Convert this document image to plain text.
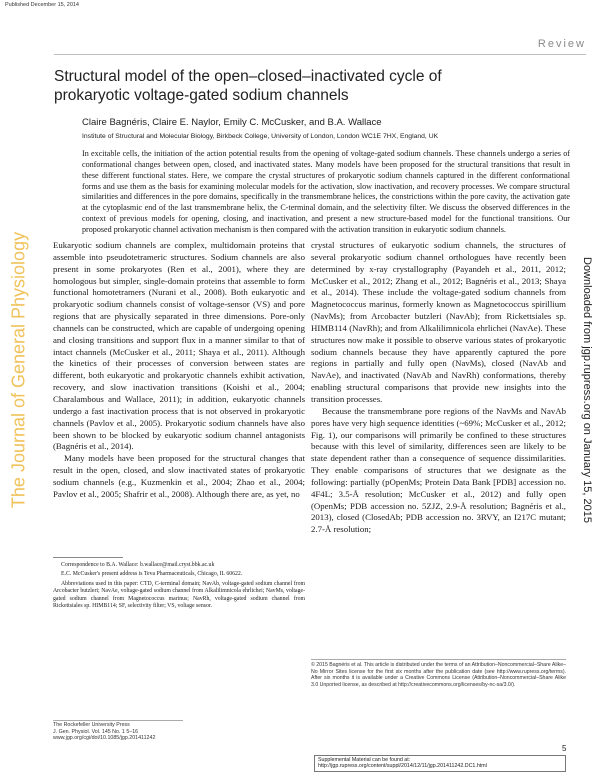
Published December 15, 2014
Review
Structural model of the open–closed–inactivated cycle of prokaryotic voltage-gated sodium channels
Claire Bagnéris, Claire E. Naylor, Emily C. McCusker, and B.A. Wallace
Institute of Structural and Molecular Biology, Birkbeck College, University of London, London WC1E 7HX, England, UK
In excitable cells, the initiation of the action potential results from the opening of voltage-gated sodium channels. These channels undergo a series of conformational changes between open, closed, and inactivated states. Many models have been proposed for the structural transitions that result in these different functional states. Here, we compare the crystal structures of prokaryotic sodium channels captured in the different conformational forms and use them as the basis for examining molecular models for the activation, slow inactivation, and recovery processes. We compare structural similarities and differences in the pore domains, specifically in the transmembrane helices, the constrictions within the pore cavity, the activation gate at the cytoplasmic end of the last transmembrane helix, the C-terminal domain, and the selectivity filter. We discuss the observed differences in the context of previous models for opening, closing, and inactivation, and present a new structure-based model for the functional transitions. Our proposed prokaryotic channel activation mechanism is then compared with the activation transition in eukaryotic sodium channels.
The Journal of General Physiology	Downloaded from jgp.rupress.org on January 15, 2015

Eukaryotic sodium channels are complex, multidomain proteins that assemble into pseudotetrameric structures. Sodium channels are also present in some prokaryotes (Ren et al., 2001), where they are homologous but simpler, single-domain proteins that assemble to form functional homotetramers (Nurani et al., 2008). Both eukaryotic and prokaryotic sodium channels consist of voltage-sensor (VS) and pore regions that are physically separated in three dimensions. Pore-only channels can be constructed, which are capable of undergoing opening and closing transitions and support flux in a manner similar to that of intact channels (McCusker et al., 2011; Shaya et al., 2011). Although the kinetics of their processes of conversion between states are different, both eukaryotic and prokaryotic channels exhibit activation, recovery, and slow inactivation transitions (Koishi et al., 2004; Charalambous and Wallace, 2011); in addition, eukaryotic channels undergo a fast inactivation process that is not observed in prokaryotic channels (Pavlov et al., 2005). Prokaryotic sodium channels have also been shown to be blocked by eukaryotic sodium channel antagonists (Bagnéris et al., 2014).

Many models have been proposed for the structural changes that result in the open, closed, and slow inactivated states of prokaryotic sodium channels (e.g., Kuzmenkin et al., 2004; Zhao et al., 2004; Pavlov et al., 2005; Shafrir et al., 2008). Although there are, as yet, no

crystal structures of eukaryotic sodium channels, the structures of several prokaryotic sodium channel orthologues have recently been determined by x-ray crystallography (Payandeh et al., 2011, 2012; McCusker et al., 2012; Zhang et al., 2012; Bagnéris et al., 2013; Shaya et al., 2014). These include the voltage-gated sodium channels from Magnetococcus marinus, formerly known as Magnetococcus spirillium (NavMs); from Arcobacter butzleri (NavAb); from Rickettsiales sp. HIMB114 (NavRh); and from Alkalilimnicola ehrlichei (NavAe). These structures now make it possible to observe various states of prokaryotic sodium channels because they have apparently captured the pore regions in partially and fully open (NavMs), closed (NavAb and NavAe), and inactivated (NavAb and NavRh) conformations, thereby enabling structural comparisons that provide new insights into the transition processes.

Because the transmembrane pore regions of the NavMs and NavAb pores have very high sequence identities (~69%; McCusker et al., 2012; Fig. 1), our comparisons will primarily be confined to these structures because with this level of similarity, differences seen are likely to be state dependent rather than a consequence of sequence dissimilarities. They enable comparisons of structures that we designate as the following: partially (pOpenMs; Protein Data Bank [PDB] accession no. 4F4L; 3.5-Å resolution; McCusker et al., 2012) and fully open (OpenMs; PDB accession no. 5ZJZ, 2.9-Å resolution; Bagnéris et al., 2013), closed (ClosedAb; PDB accession no. 3RVY, an I217C mutant; 2.7-Å resolution;

Correspondence to B.A. Wallace: b.wallace@mail.cryst.bbk.ac.uk

E.C. McCusker's present address is Teva Pharmaceuticals, Chicago, IL 60622.

Abbreviations used in this paper: CTD, C-terminal domain; NavAb, voltage-gated sodium channel from Arcobacter butzleri; NavAe, voltage-gated sodium channel from Alkalilimnicola ehrlichei; NavMs, voltage-gated sodium channel from Magnetococcus marinus; NavRh, voltage-gated sodium channel from Rickettsiales sp. HIMB114; SF, selectivity filter; VS, voltage sensor.

© 2015 Bagnéris et al. This article is distributed under the terms of an Attribution–Noncommercial–Share Alike–No Mirror Sites license for the first six months after the publication date (see http://www.rupress.org/terms). After six months it is available under a Creative Commons License (Attribution–Noncommercial–Share Alike 3.0 Unported license, as described at http://creativecommons.org/licenses/by-nc-sa/3.0/).
The Rockefeller University Press
J. Gen. Physiol. Vol. 145 No. 1 5–16
www.jgp.org/cgi/doi/10.1085/jgp.201411242
5
Supplemental Material can be found at:
http://jgp.rupress.org/content/suppl/2014/12/11/jgp.201411242.DC1.html
